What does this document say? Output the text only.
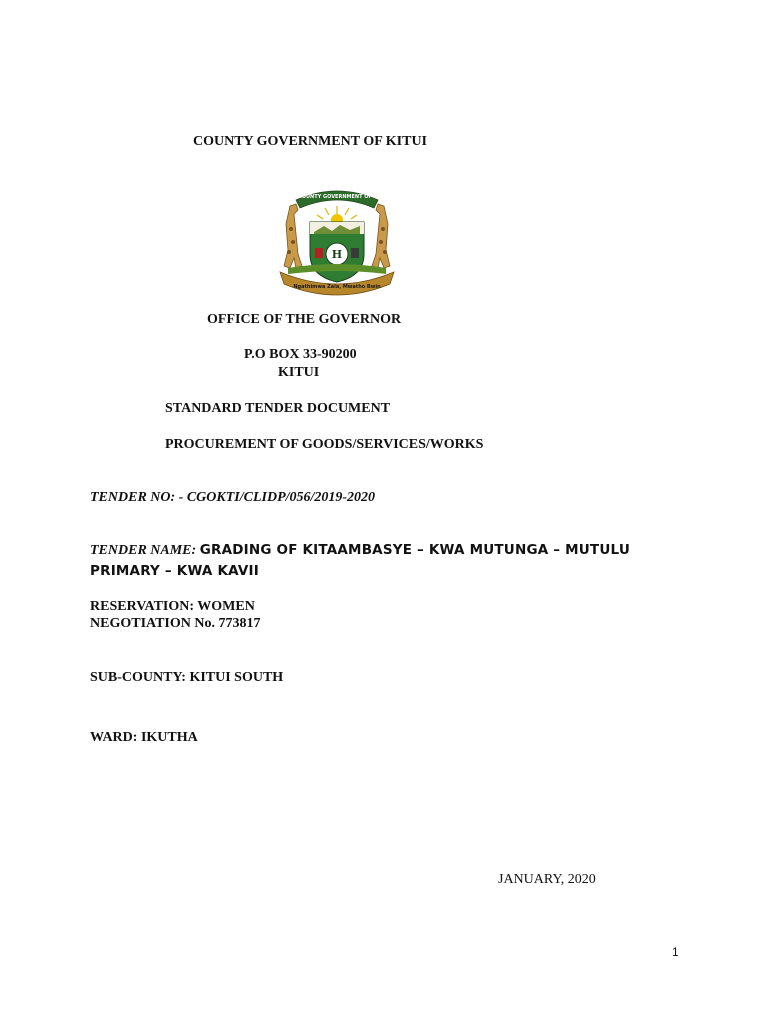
COUNTY GOVERNMENT OF KITUI

THE COUNTY GOVERNMENT OF KITUI
H
Ngathimwa Zala, Mwatho Bwin

OFFICE OF THE GOVERNOR

P.O BOX 33-90200

KITUI

STANDARD TENDER DOCUMENT

PROCUREMENT OF GOODS/SERVICES/WORKS

TENDER NO: - CGOKTI/CLIDP/056/2019-2020

TENDER NAME: GRADING OF KITAAMBASYE – KWA MUTUNGA – MUTULU

PRIMARY – KWA KAVII

RESERVATION: WOMEN

NEGOTIATION No. 773817

SUB-COUNTY: KITUI SOUTH

WARD: IKUTHA

JANUARY, 2020

1
